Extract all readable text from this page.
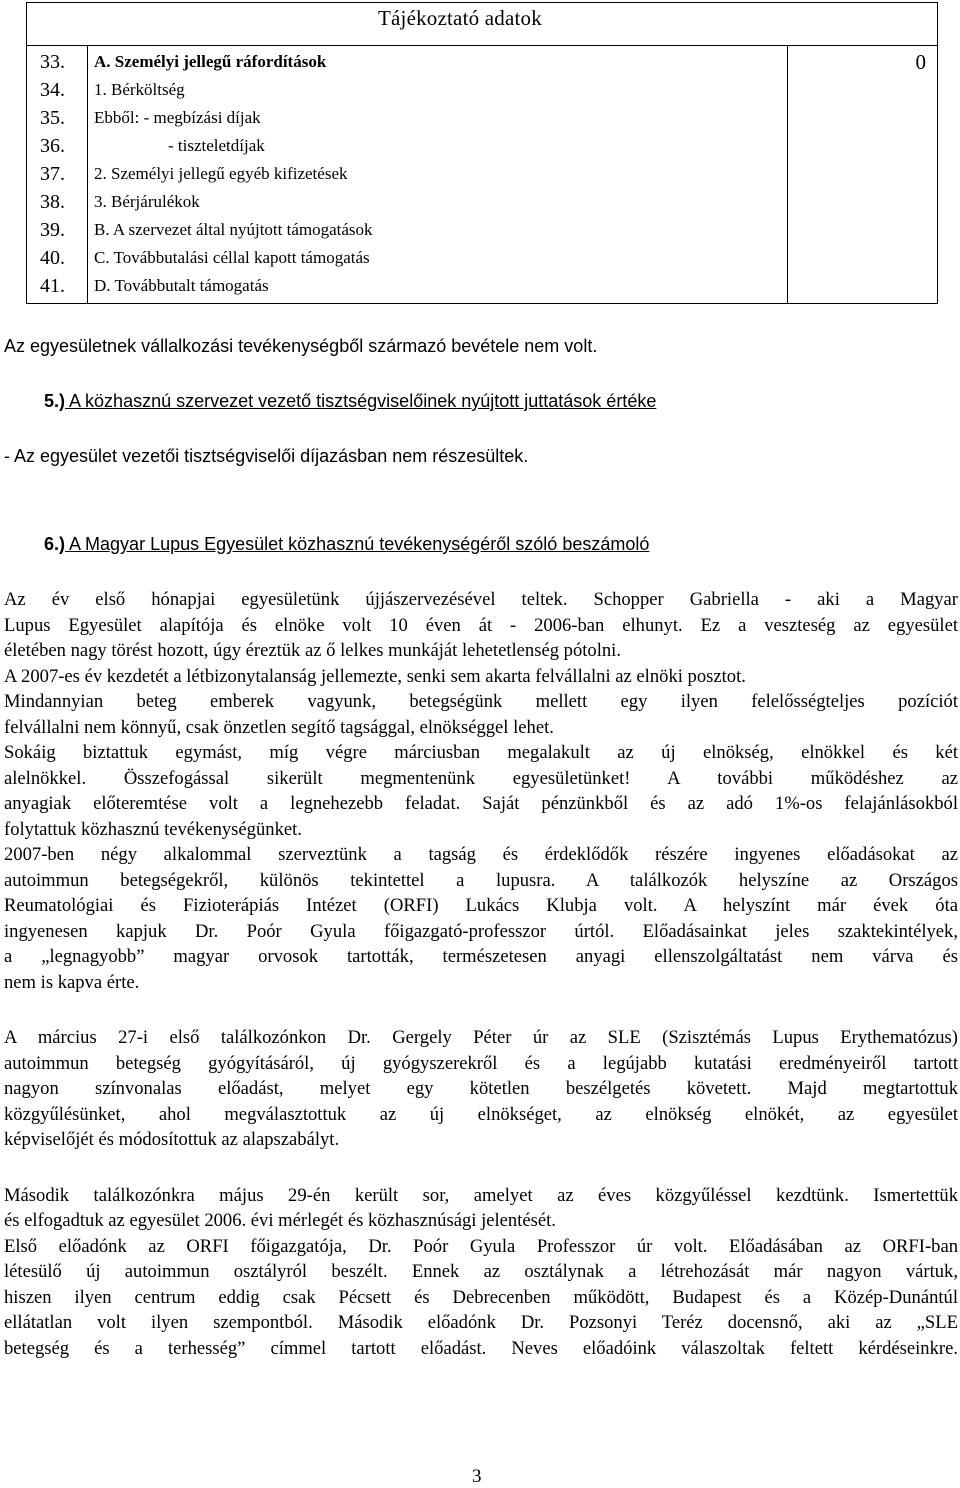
Tájékoztató adatok
33. A. Személyi jellegű ráfordítások	0
34. 1. Bérköltség
35. Ebből: - megbízási díjak
36.	- tiszteletdíjak
37. 2. Személyi jellegű egyéb kifizetések
38. 3. Bérjárulékok
39. B. A szervezet által nyújtott támogatások
40. C. Továbbutalási céllal kapott támogatás
41. D. Továbbutalt támogatás
Az egyesületnek vállalkozási tevékenységből származó bevétele nem volt.
5.) A közhasznú szervezet vezető tisztségviselőinek nyújtott juttatások értéke
- Az egyesület vezetői tisztségviselői díjazásban nem részesültek.
6.) A Magyar Lupus Egyesület közhasznú tevékenységéről szóló beszámoló
Az év első hónapjai egyesületünk újjászervezésével teltek. Schopper Gabriella - aki a Magyar
Lupus Egyesület alapítója és elnöke volt 10 éven át - 2006-ban elhunyt. Ez a veszteség az egyesület
életében nagy törést hozott, úgy éreztük az ő lelkes munkáját lehetetlenség pótolni.
A 2007-es év kezdetét a létbizonytalanság jellemezte, senki sem akarta felvállalni az elnöki posztot.
Mindannyian beteg emberek vagyunk, betegségünk mellett egy ilyen felelősségteljes pozíciót
felvállalni nem könnyű, csak önzetlen segítő tagsággal, elnökséggel lehet.
Sokáig biztattuk egymást, míg végre márciusban megalakult az új elnökség, elnökkel és két
alelnökkel. Összefogással sikerült megmentenünk egyesületünket! A további működéshez az
anyagiak előteremtése volt a legnehezebb feladat. Saját pénzünkből és az adó 1%-os felajánlásokból
folytattuk közhasznú tevékenységünket.
2007-ben négy alkalommal szerveztünk a tagság és érdeklődők részére ingyenes előadásokat az
autoimmun betegségekről, különös tekintettel a lupusra. A találkozók helyszíne az Országos
Reumatológiai és Fizioterápiás Intézet (ORFI) Lukács Klubja volt. A helyszínt már évek óta
ingyenesen kapjuk Dr. Poór Gyula főigazgató-professzor úrtól. Előadásainkat jeles szaktekintélyek,
a „legnagyobb” magyar orvosok tartották, természetesen anyagi ellenszolgáltatást nem várva és
nem is kapva érte.
A március 27-i első találkozónkon Dr. Gergely Péter úr az SLE (Szisztémás Lupus Erythematózus)
autoimmun betegség gyógyításáról, új gyógyszerekről és a legújabb kutatási eredményeiről tartott
nagyon színvonalas előadást, melyet egy kötetlen beszélgetés követett. Majd megtartottuk
közgyűlésünket, ahol megválasztottuk az új elnökséget, az elnökség elnökét, az egyesület
képviselőjét és módosítottuk az alapszabályt.
Második találkozónkra május 29-én került sor, amelyet az éves közgyűléssel kezdtünk. Ismertettük
és elfogadtuk az egyesület 2006. évi mérlegét és közhasznúsági jelentését.
Első előadónk az ORFI főigazgatója, Dr. Poór Gyula Professzor úr volt. Előadásában az ORFI-ban
létesülő új autoimmun osztályról beszélt. Ennek az osztálynak a létrehozását már nagyon vártuk,
hiszen ilyen centrum eddig csak Pécsett és Debrecenben működött, Budapest és a Közép-Dunántúl
ellátatlan volt ilyen szempontból. Második előadónk Dr. Pozsonyi Teréz docensnő, aki az „SLE
betegség és a terhesség” címmel tartott előadást. Neves előadóink válaszoltak feltett kérdéseinkre.
3
